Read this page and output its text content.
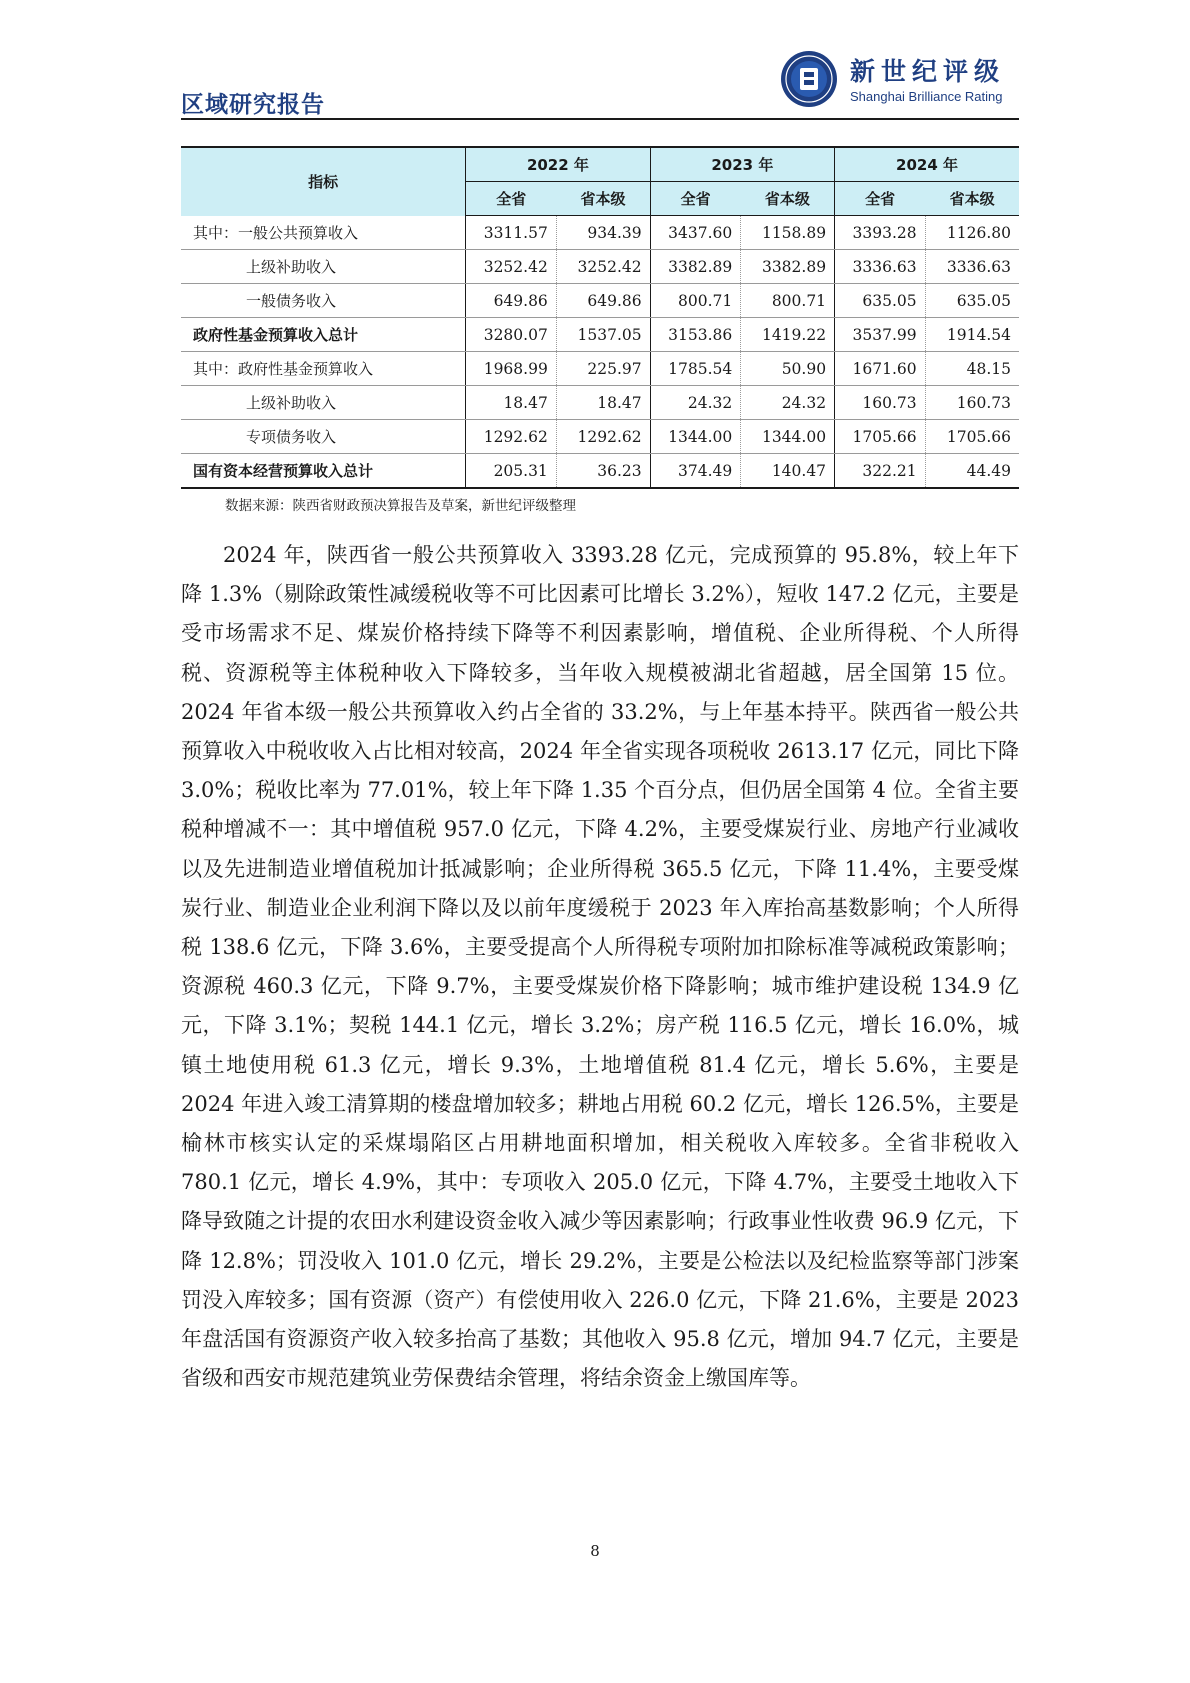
区域研究报告
新世纪评级
Shanghai Brilliance Rating
指标	2022 年		2023 年		2024 年	
	全省	省本级	全省	省本级	全省	省本级
其中：一般公共预算收入	3311.57	934.39	3437.60	1158.89	3393.28	1126.80
上级补助收入	3252.42	3252.42	3382.89	3382.89	3336.63	3336.63
一般债务收入	649.86	649.86	800.71	800.71	635.05	635.05
政府性基金预算收入总计	3280.07	1537.05	3153.86	1419.22	3537.99	1914.54
其中：政府性基金预算收入	1968.99	225.97	1785.54	50.90	1671.60	48.15
上级补助收入	18.47	18.47	24.32	24.32	160.73	160.73
专项债务收入	1292.62	1292.62	1344.00	1344.00	1705.66	1705.66
国有资本经营预算收入总计	205.31	36.23	374.49	140.47	322.21	44.49
数据来源：陕西省财政预决算报告及草案，新世纪评级整理

2024 年，陕西省一般公共预算收入 3393.28 亿元，完成预算的 95.8%，较上年下降 1.3%（剔除政策性减缓税收等不可比因素可比增长 3.2%），短收 147.2 亿元，主要是受市场需求不足、煤炭价格持续下降等不利因素影响，增值税、企业所得税、个人所得税、资源税等主体税种收入下降较多，当年收入规模被湖北省超越，居全国第 15 位。2024 年省本级一般公共预算收入约占全省的 33.2%，与上年基本持平。陕西省一般公共预算收入中税收收入占比相对较高，2024 年全省实现各项税收 2613.17 亿元，同比下降 3.0%；税收比率为 77.01%，较上年下降 1.35 个百分点，但仍居全国第 4 位。全省主要税种增减不一：其中增值税 957.0 亿元，下降 4.2%，主要受煤炭行业、房地产行业减收以及先进制造业增值税加计抵减影响；企业所得税 365.5 亿元，下降 11.4%，主要受煤炭行业、制造业企业利润下降以及以前年度缓税于 2023 年入库抬高基数影响；个人所得税 138.6 亿元，下降 3.6%，主要受提高个人所得税专项附加扣除标准等减税政策影响；资源税 460.3 亿元，下降 9.7%，主要受煤炭价格下降影响；城市维护建设税 134.9 亿元，下降 3.1%；契税 144.1 亿元，增长 3.2%；房产税 116.5 亿元，增长 16.0%，城镇土地使用税 61.3 亿元，增长 9.3%，土地增值税 81.4 亿元，增长 5.6%，主要是 2024 年进入竣工清算期的楼盘增加较多；耕地占用税 60.2 亿元，增长 126.5%，主要是榆林市核实认定的采煤塌陷区占用耕地面积增加，相关税收入库较多。全省非税收入 780.1 亿元，增长 4.9%，其中：专项收入 205.0 亿元，下降 4.7%，主要受土地收入下降导致随之计提的农田水利建设资金收入减少等因素影响；行政事业性收费 96.9 亿元，下降 12.8%；罚没收入 101.0 亿元，增长 29.2%，主要是公检法以及纪检监察等部门涉案罚没入库较多；国有资源（资产）有偿使用收入 226.0 亿元，下降 21.6%，主要是 2023 年盘活国有资源资产收入较多抬高了基数；其他收入 95.8 亿元，增加 94.7 亿元，主要是省级和西安市规范建筑业劳保费结余管理，将结余资金上缴国库等。

8
